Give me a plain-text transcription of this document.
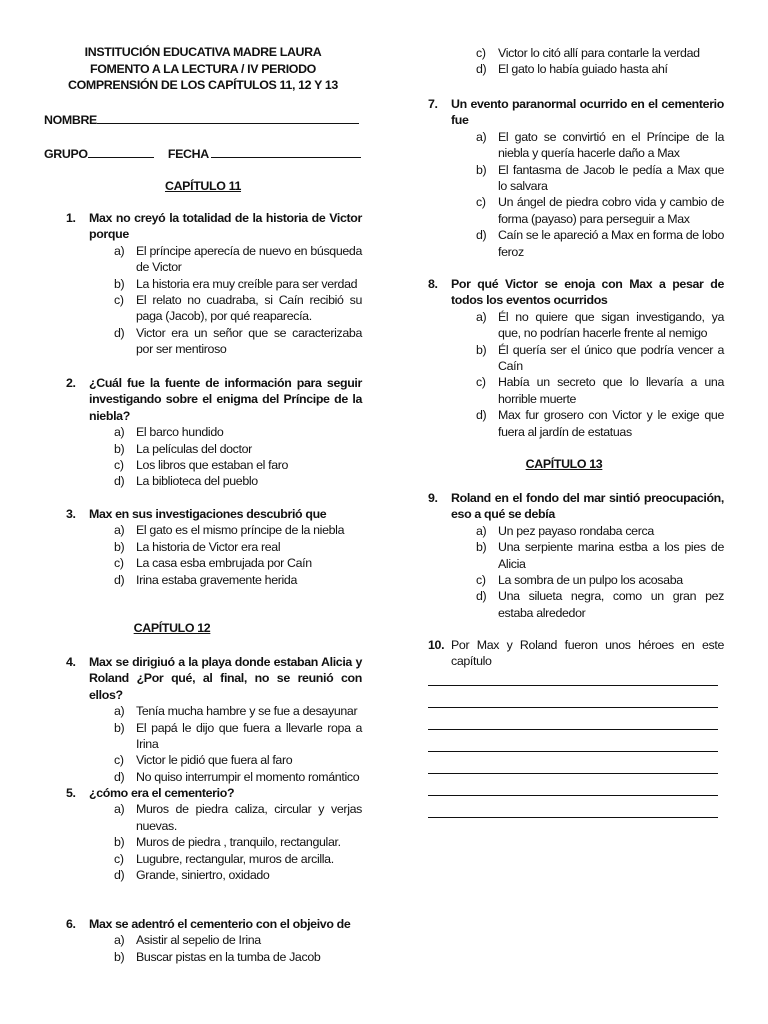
INSTITUCIÓN EDUCATIVA MADRE LAURA
FOMENTO A LA LECTURA / IV PERIODO
COMPRENSIÓN DE LOS CAPÍTULOS 11, 12 Y 13
NOMBRE
GRUPO	FECHA
CAPÍTULO 11
1. Max no creyó la totalidad de la historia de Victor porque
a) El príncipe aperecía de nuevo en búsqueda de Victor
b) La historia era muy creíble para ser verdad
c) El relato no cuadraba, si Caín recibió su paga (Jacob), por qué reaparecía.
d) Victor era un señor que se caracterizaba por ser mentiroso
2. ¿Cuál fue la fuente de información para seguir investigando sobre el enigma del Príncipe de la niebla?
a) El barco hundido
b) La películas del doctor
c) Los libros que estaban el faro
d) La biblioteca del pueblo
3. Max en sus investigaciones descubrió que
a) El gato es el mismo príncipe de la niebla
b) La historia de Victor era real
c) La casa esba embrujada por Caín
d) Irina estaba gravemente herida
CAPÍTULO 12
4. Max se dirigiuó a la playa donde estaban Alicia y Roland ¿Por qué, al final, no se reunió con ellos?
a) Tenía mucha hambre y se fue a desayunar
b) El papá le dijo que fuera a llevarle ropa a Irina
c) Victor le pidió que fuera al faro
d) No quiso interrumpir el momento romántico
5. ¿cómo era el cementerio?
a) Muros de piedra caliza, circular y verjas nuevas.
b) Muros de piedra , tranquilo, rectangular.
c) Lugubre, rectangular, muros de arcilla.
d) Grande, siniertro, oxidado
6. Max se adentró el cementerio con el objeivo de
a) Asistir al sepelio de Irina
b) Buscar pistas en la tumba de Jacob
c) Victor lo citó allí para contarle la verdad
d) El gato lo había guiado hasta ahí
7. Un evento paranormal ocurrido en el cementerio fue
a) El gato se convirtió en el Príncipe de la niebla y quería hacerle daño a Max
b) El fantasma de Jacob le pedía a Max que lo salvara
c) Un ángel de piedra cobro vida y cambio de forma (payaso) para perseguir a Max
d) Caín se le apareció a Max en forma de lobo feroz
8. Por qué Victor se enoja con Max a pesar de todos los eventos ocurridos
a) Él no quiere que sigan investigando, ya que, no podrían hacerle frente al nemigo
b) Él quería ser el único que podría vencer a Caín
c) Había un secreto que lo llevaría a una horrible muerte
d) Max fur grosero con Victor y le exige que fuera al jardín de estatuas
CAPÍTULO 13
9. Roland en el fondo del mar sintió preocupación, eso a qué se debía
a) Un pez payaso rondaba cerca
b) Una serpiente marina estba a los pies de Alicia
c) La sombra de un pulpo los acosaba
d) Una silueta negra, como un gran pez estaba alrededor
10. Por Max y Roland fueron unos héroes en este capítulo
